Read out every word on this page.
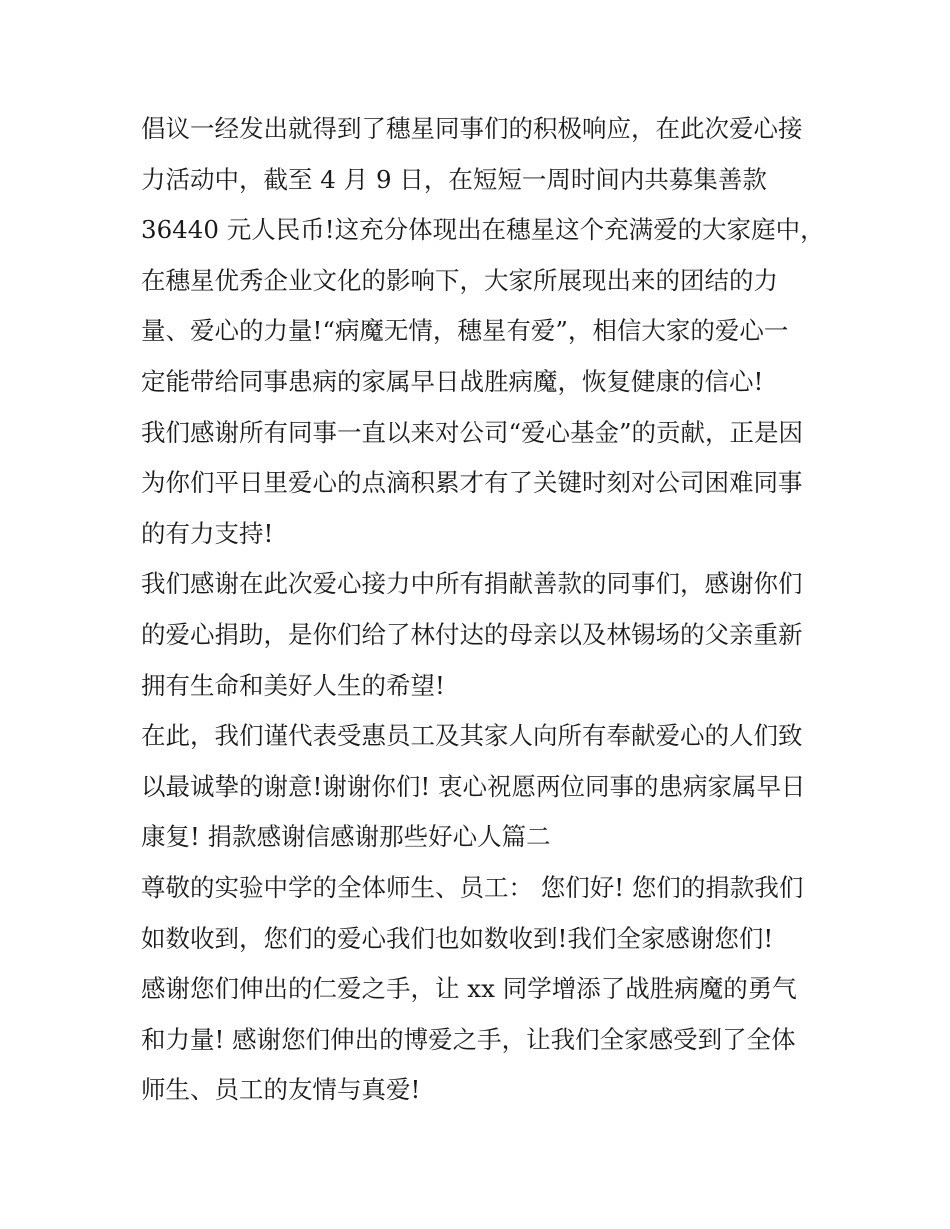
倡议一经发出就得到了穗星同事们的积极响应，在此次爱心接
力活动中，截至 4 月 9 日，在短短一周时间内共募集善款
36440 元人民币!这充分体现出在穗星这个充满爱的大家庭中，
在穗星优秀企业文化的影响下，大家所展现出来的团结的力
量、爱心的力量!“病魔无情，穗星有爱”，相信大家的爱心一
定能带给同事患病的家属早日战胜病魔，恢复健康的信心!
我们感谢所有同事一直以来对公司“爱心基金”的贡献，正是因
为你们平日里爱心的点滴积累才有了关键时刻对公司困难同事
的有力支持!
我们感谢在此次爱心接力中所有捐献善款的同事们，感谢你们
的爱心捐助，是你们给了林付达的母亲以及林锡场的父亲重新
拥有生命和美好人生的希望!
在此，我们谨代表受惠员工及其家人向所有奉献爱心的人们致
以最诚挚的谢意!谢谢你们! 衷心祝愿两位同事的患病家属早日
康复! 捐款感谢信感谢那些好心人篇二
尊敬的实验中学的全体师生、员工： 您们好! 您们的捐款我们
如数收到，您们的爱心我们也如数收到!我们全家感谢您们!
感谢您们伸出的仁爱之手，让 xx 同学增添了战胜病魔的勇气
和力量! 感谢您们伸出的博爱之手，让我们全家感受到了全体
师生、员工的友情与真爱!
